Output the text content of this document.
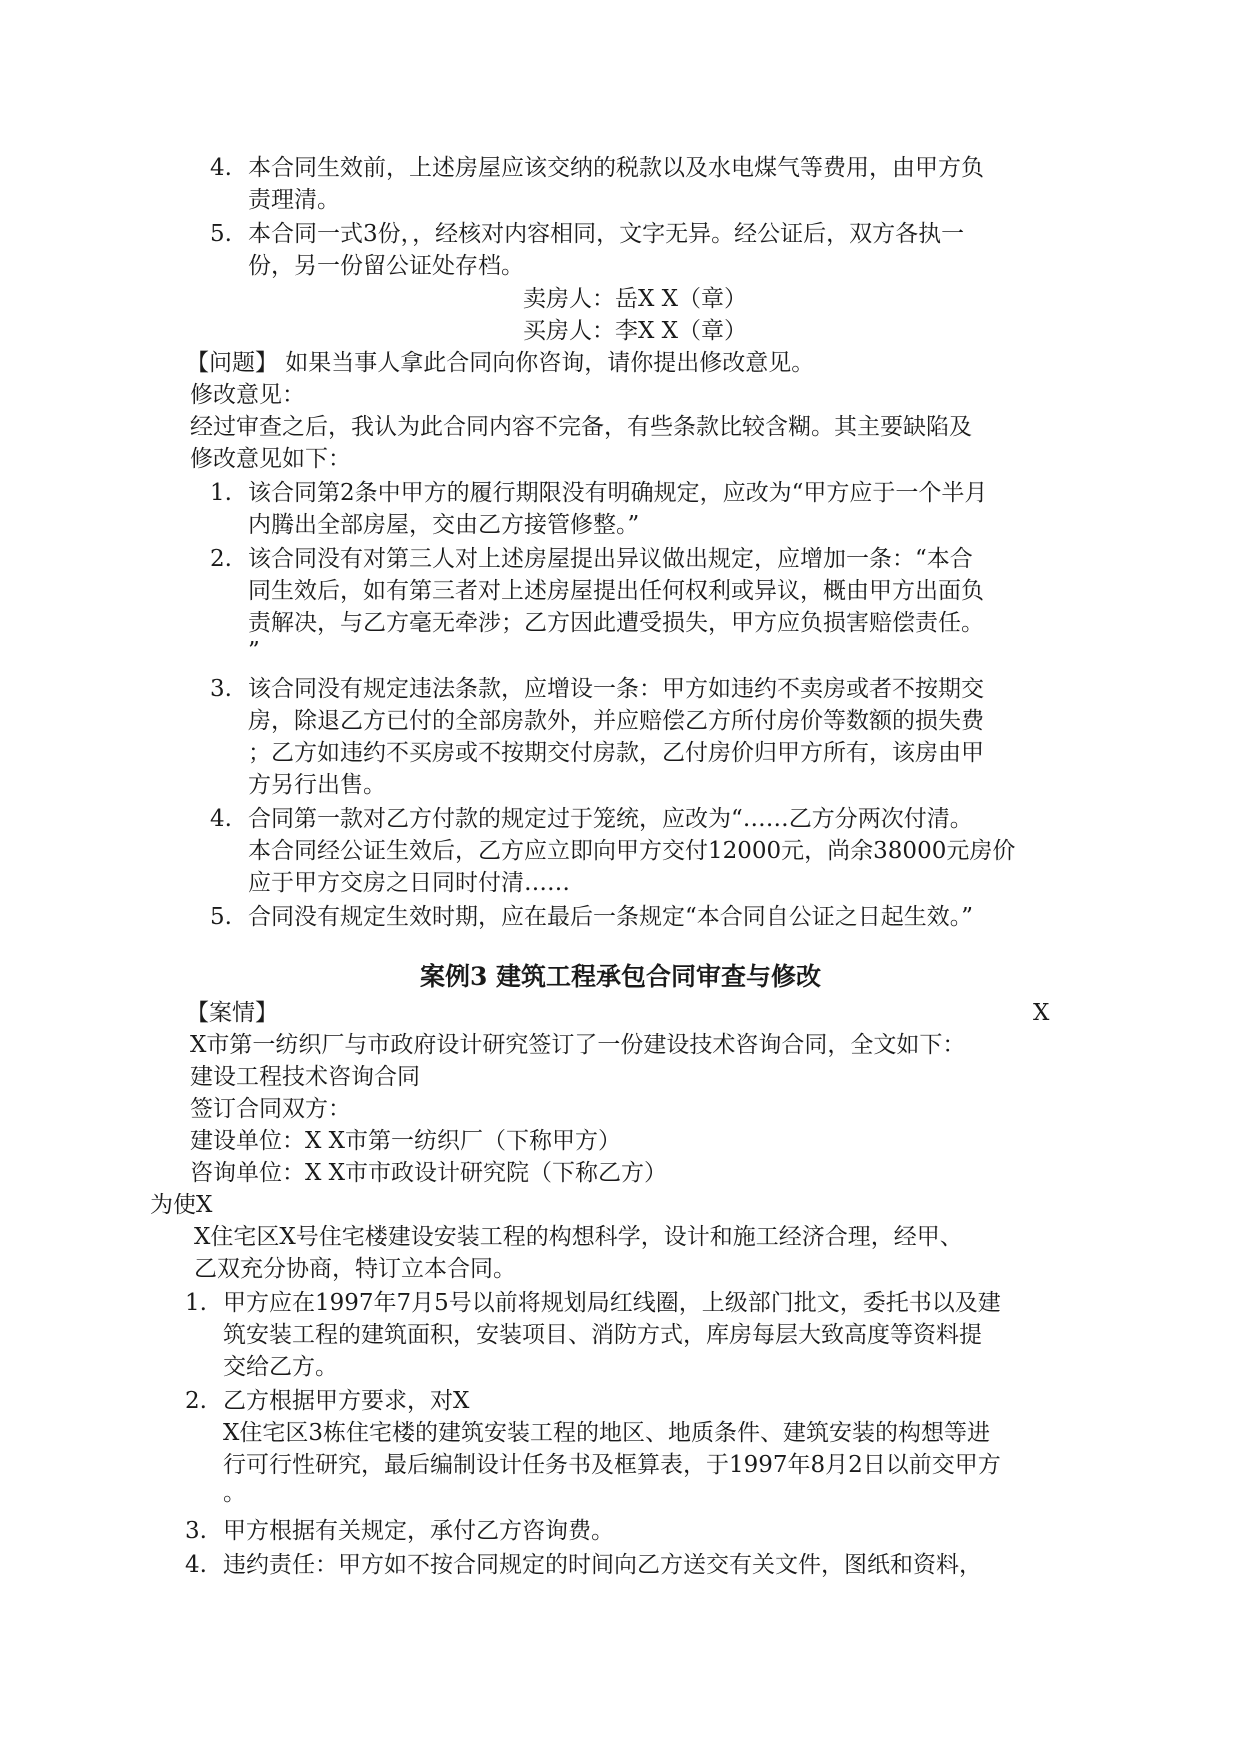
4. 本合同生效前，上述房屋应该交纳的税款以及水电煤气等费用，由甲方负
责理清。
5. 本合同一式3份，，经核对内容相同，文字无异。经公证后，双方各执一
份，另一份留公证处存档。
卖房人：岳X X（章）
买房人：李X X（章）
【问题】 如果当事人拿此合同向你咨询，请你提出修改意见。
修改意见：
经过审查之后，我认为此合同内容不完备，有些条款比较含糊。其主要缺陷及
修改意见如下：
1. 该合同第2条中甲方的履行期限没有明确规定，应改为“甲方应于一个半月
内腾出全部房屋，交由乙方接管修整。”
2. 该合同没有对第三人对上述房屋提出异议做出规定，应增加一条：“本合
同生效后，如有第三者对上述房屋提出任何权利或异议，概由甲方出面负
责解决，与乙方毫无牵涉；乙方因此遭受损失，甲方应负损害赔偿责任。
”
3. 该合同没有规定违法条款，应增设一条：甲方如违约不卖房或者不按期交
房，除退乙方已付的全部房款外，并应赔偿乙方所付房价等数额的损失费
；乙方如违约不买房或不按期交付房款，乙付房价归甲方所有，该房由甲
方另行出售。
4. 合同第一款对乙方付款的规定过于笼统，应改为“……乙方分两次付清。
本合同经公证生效后，乙方应立即向甲方交付12000元，尚余38000元房价
应于甲方交房之日同时付清……
5. 合同没有规定生效时期，应在最后一条规定“本合同自公证之日起生效。”
案例3 建筑工程承包合同审查与修改
【案情】	X
X市第一纺织厂与市政府设计研究签订了一份建设技术咨询合同，全文如下：
建设工程技术咨询合同
签订合同双方：
建设单位：X X市第一纺织厂（下称甲方）
咨询单位：X X市市政设计研究院（下称乙方）
为使X
X住宅区X号住宅楼建设安装工程的构想科学，设计和施工经济合理，经甲、
乙双充分协商，特订立本合同。
1. 甲方应在1997年7月5号以前将规划局红线圈，上级部门批文，委托书以及建
筑安装工程的建筑面积，安装项目、消防方式，库房每层大致高度等资料提
交给乙方。
2. 乙方根据甲方要求，对X
X住宅区3栋住宅楼的建筑安装工程的地区、地质条件、建筑安装的构想等进
行可行性研究，最后编制设计任务书及框算表，于1997年8月2日以前交甲方
。
3. 甲方根据有关规定，承付乙方咨询费。
4. 违约责任：甲方如不按合同规定的时间向乙方送交有关文件，图纸和资料，
